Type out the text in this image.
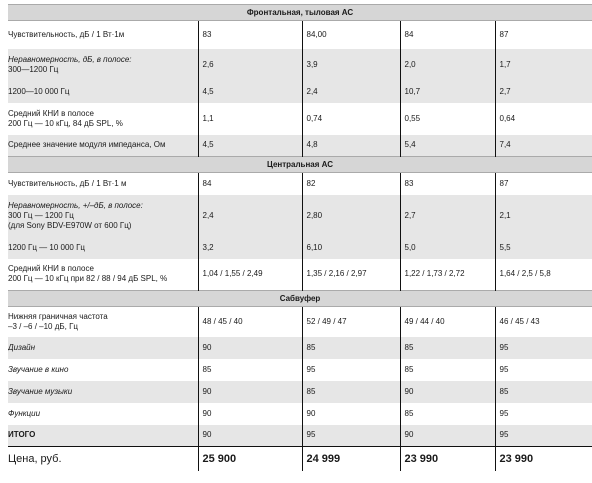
Фронтальная, тыловая АС				

Чувствительность, дБ / 1 Вт·1м	83	84,00	84	87

Неравномерность, дБ, в полосе:
300—1200 Гц	2,6	3,9	2,0	1,7

1200—10 000 Гц	4,5	2,4	10,7	2,7

Средний КНИ в полосе
200 Гц — 10 кГц, 84 дБ SPL, %	1,1	0,74	0,55	0,64

Среднее значение модуля импеданса, Ом	4,5	4,8	5,4	7,4
Центральная АС				

Чувствительность, дБ / 1 Вт·1 м	84	82	83	87

Неравномерность, +/–дБ, в полосе:
300 Гц — 1200 Гц
(для Sony BDV-E970W от 600 Гц)	2,4	2,80	2,7	2,1

1200 Гц — 10 000 Гц	3,2	6,10	5,0	5,5

Средний КНИ в полосе
200 Гц — 10 кГц при 82 / 88 / 94 дБ SPL, %	1,04 / 1,55 / 2,49	1,35 / 2,16 / 2,97	1,22 / 1,73 / 2,72	1,64 / 2,5 / 5,8
Сабвуфер				

Нижняя граничная частота
–3 / –6 / –10 дБ, Гц	48 / 45 / 40	52 / 49 / 47	49 / 44 / 40	46 / 45 / 43

Дизайн	90	85	85	95

Звучание в кино	85	95	85	95

Звучание музыки	90	85	90	85

Функции	90	90	85	95

ИТОГО	90	95	90	95
Цена, руб.	25 900	24 999	23 990	23 990
